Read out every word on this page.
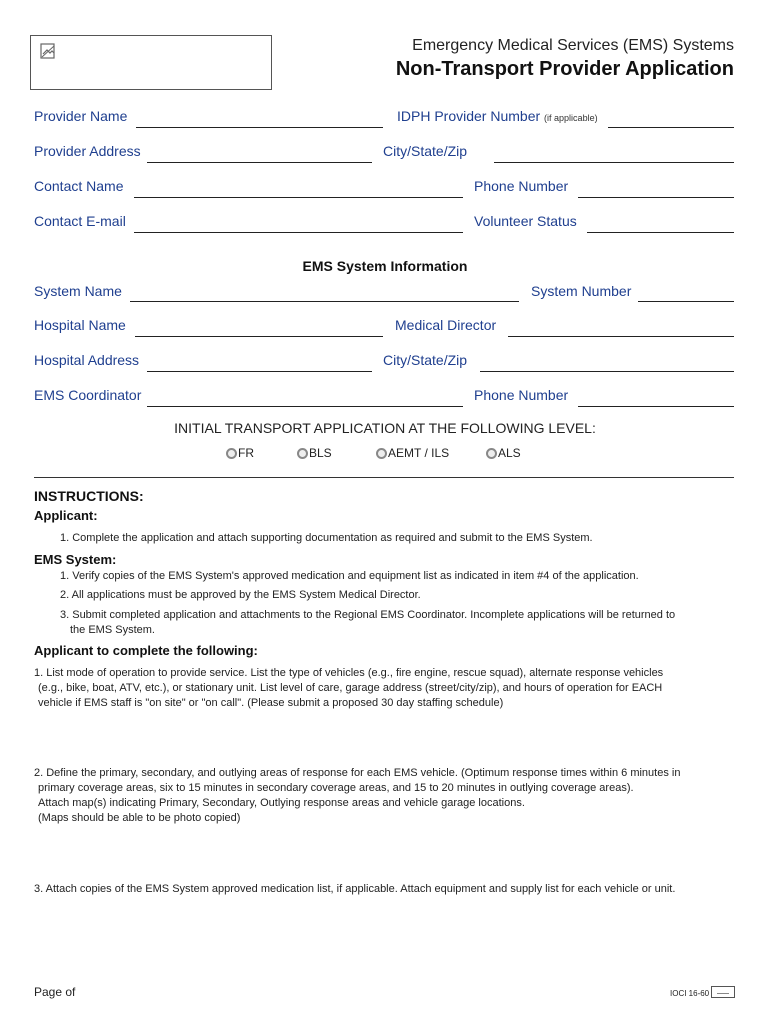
Emergency Medical Services (EMS) Systems
Non-Transport Provider Application
Provider Name	IDPH Provider Number (if applicable)
Provider Address	City/State/Zip
Contact Name	Phone Number
Contact E-mail	Volunteer Status
EMS System Information
System Name	System Number
Hospital Name	Medical Director
Hospital Address	City/State/Zip
EMS Coordinator	Phone Number
INITIAL TRANSPORT APPLICATION AT THE FOLLOWING LEVEL:
FR	BLS	AEMT / ILS	ALS
INSTRUCTIONS:
Applicant:
1. Complete the application and attach supporting documentation as required and submit to the EMS System.
EMS System:
1. Verify copies of the EMS System's approved medication and equipment list as indicated in item #4 of the application.
2. All applications must be approved by the EMS System Medical Director.
3. Submit completed application and attachments to the Regional EMS Coordinator. Incomplete applications will be returned to
the EMS System.
Applicant to complete the following:
1. List mode of operation to provide service. List the type of vehicles (e.g., fire engine, rescue squad), alternate response vehicles
(e.g., bike, boat, ATV, etc.), or stationary unit. List level of care, garage address (street/city/zip), and hours of operation for EACH
vehicle if EMS staff is "on site" or "on call". (Please submit a proposed 30 day staffing schedule)
2. Define the primary, secondary, and outlying areas of response for each EMS vehicle. (Optimum response times within 6 minutes in
primary coverage areas, six to 15 minutes in secondary coverage areas, and 15 to 20 minutes in outlying coverage areas).
Attach map(s) indicating Primary, Secondary, Outlying response areas and vehicle garage locations.
(Maps should be able to be photo copied)
3. Attach copies of the EMS System approved medication list, if applicable. Attach equipment and supply list for each vehicle or unit.
Page of	IOCI 16-60
